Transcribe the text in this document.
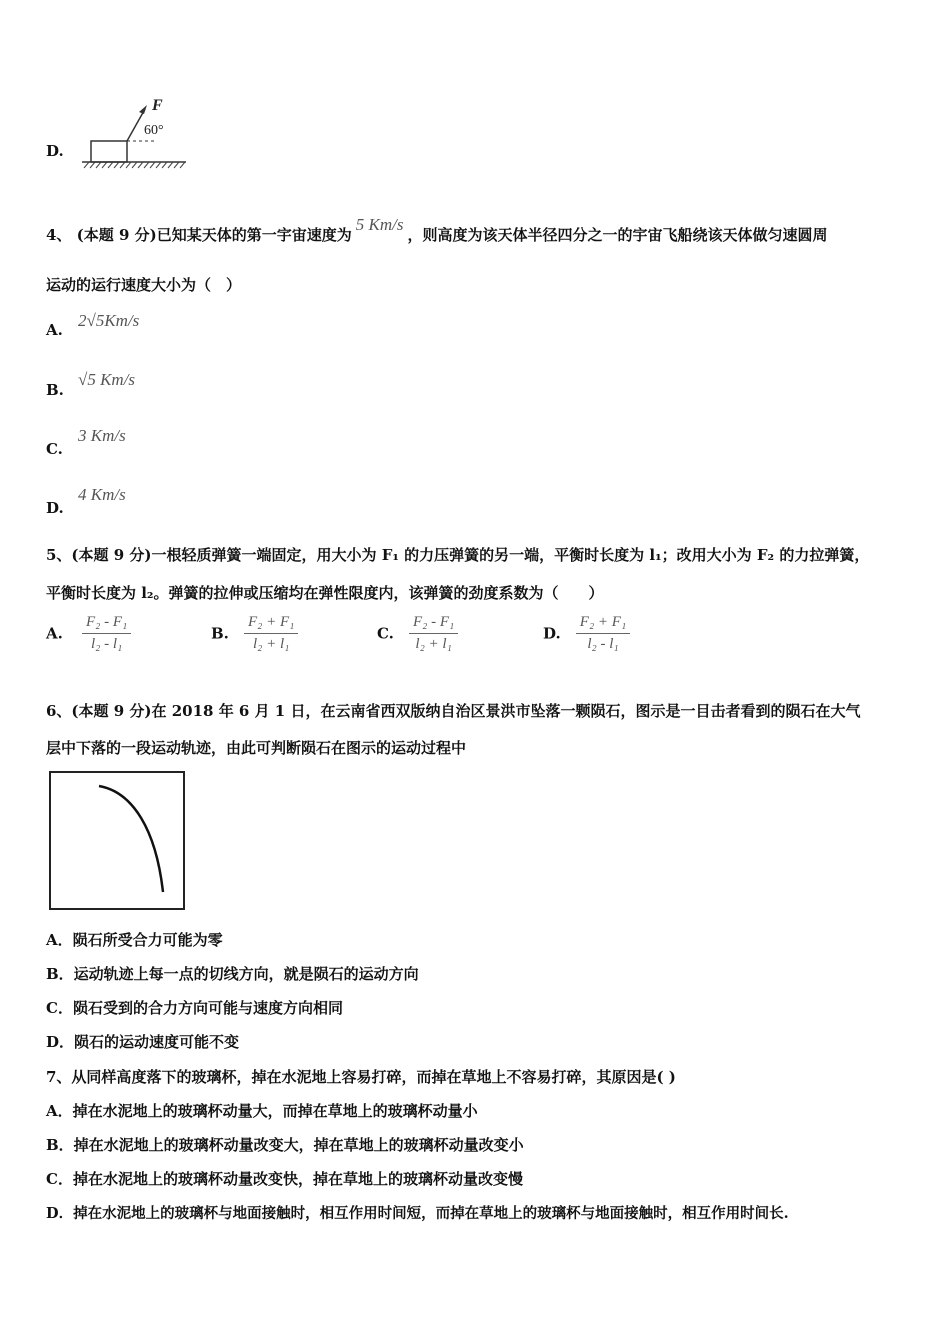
D.
F
60°
4、 (本题 9 分)已知某天体的第一宇宙速度为5 Km/s，则高度为该天体半径四分之一的宇宙飞船绕该天体做匀速圆周
运动的运行速度大小为（　）
A. 2√5Km/s
B.
√5 Km/s
C.
3 Km/s
D.
4 Km/s
5、(本题 9 分)一根轻质弹簧一端固定，用大小为 F₁ 的力压弹簧的另一端，平衡时长度为 l₁；改用大小为 F₂ 的力拉弹簧，
平衡时长度为 l₂。弹簧的拉伸或压缩均在弹性限度内，该弹簧的劲度系数为（　　）
A. $\frac{\text{F₂ - F₁}}{\text{l₂ - l₁}}$	B. $\frac{\text{F₂ + F₁}}{\text{l₂ + l₁}}$	C. $\frac{\text{F₂ - F₁}}{\text{l₂ + l₁}}$	D. $\frac{\text{F₂ + F₁}}{\text{l₂ - l₁}}$
6、(本题 9 分)在 2018 年 6 月 1 日，在云南省西双版纳自治区景洪市坠落一颗陨石，图示是一目击者看到的陨石在大气
层中下落的一段运动轨迹，由此可判断陨石在图示的运动过程中
A．陨石所受合力可能为零
B．运动轨迹上每一点的切线方向，就是陨石的运动方向
C．陨石受到的合力方向可能与速度方向相同
D．陨石的运动速度可能不变
7、从同样高度落下的玻璃杯，掉在水泥地上容易打碎，而掉在草地上不容易打碎，其原因是( )
A．掉在水泥地上的玻璃杯动量大，而掉在草地上的玻璃杯动量小
B．掉在水泥地上的玻璃杯动量改变大，掉在草地上的玻璃杯动量改变小
C．掉在水泥地上的玻璃杯动量改变快，掉在草地上的玻璃杯动量改变慢
D．掉在水泥地上的玻璃杯与地面接触时，相互作用时间短，而掉在草地上的玻璃杯与地面接触时，相互作用时间长.
